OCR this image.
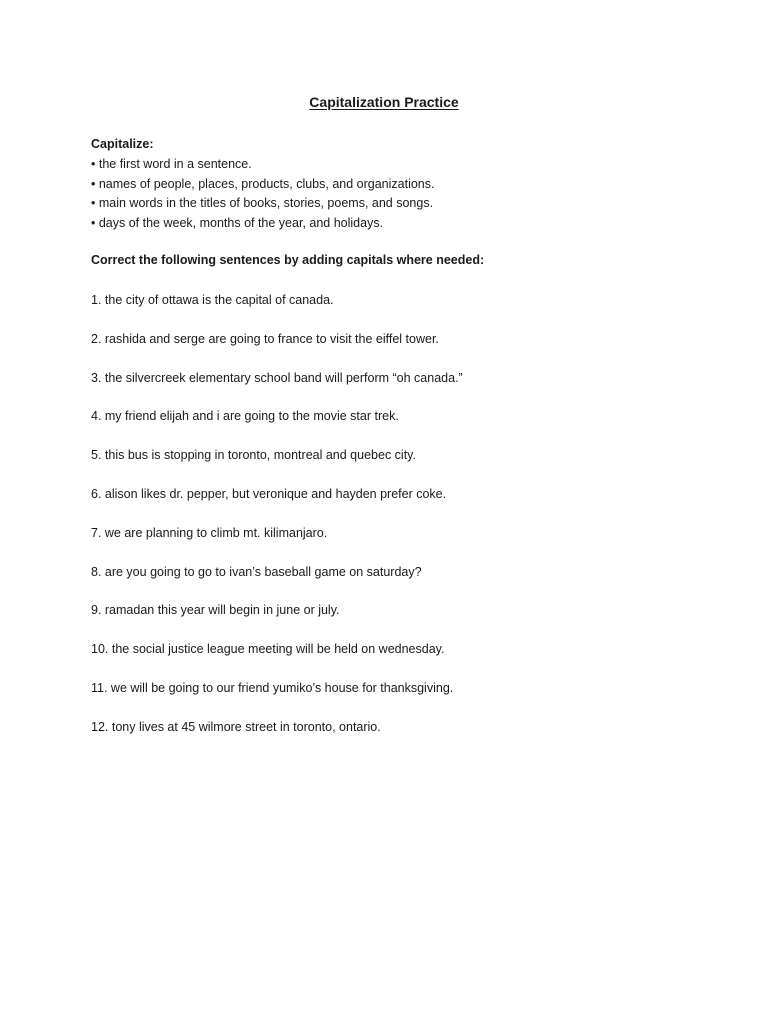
Capitalization Practice
Capitalize:
• the first word in a sentence.
• names of people, places, products, clubs, and organizations.
• main words in the titles of books, stories, poems, and songs.
• days of the week, months of the year, and holidays.
Correct the following sentences by adding capitals where needed:
1. the city of ottawa is the capital of canada.
2. rashida and serge are going to france to visit the eiffel tower.
3. the silvercreek elementary school band will perform “oh canada.”
4. my friend elijah and i are going to the movie star trek.
5. this bus is stopping in toronto, montreal and quebec city.
6. alison likes dr. pepper, but veronique and hayden prefer coke.
7. we are planning to climb mt. kilimanjaro.
8. are you going to go to ivan’s baseball game on saturday?
9. ramadan this year will begin in june or july.
10. the social justice league meeting will be held on wednesday.
11. we will be going to our friend yumiko’s house for thanksgiving.
12. tony lives at 45 wilmore street in toronto, ontario.
